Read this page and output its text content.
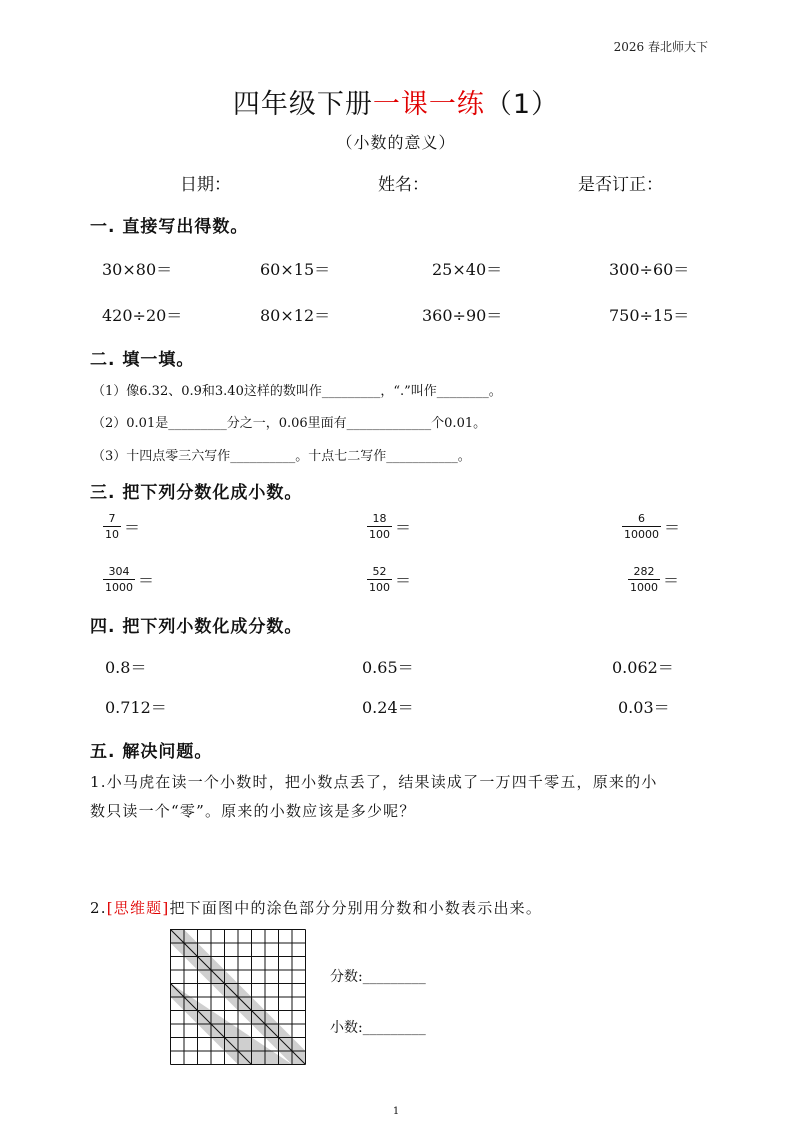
2026 春北师大下
四年级下册一课一练（1）
（小数的意义）
日期：	姓名：	是否订正：
一. 直接写出得数。
30×80＝	60×15＝	25×40＝	300÷60＝
420÷20＝	80×12＝	360÷90＝	750÷15＝
二. 填一填。
（1）像6.32、0.9和3.40这样的数叫作_________，“.”叫作________。
（2）0.01是_________分之一，0.06里面有_____________个0.01。
（3）十四点零三六写作__________。十点七二写作___________。
三. 把下列分数化成小数。
$\frac{7}{10}$ ＝	$\frac{18}{100}$ ＝	$\frac{6}{10000}$ ＝
$\frac{304}{1000}$ ＝	$\frac{52}{100}$ ＝	$\frac{282}{1000}$ ＝
四. 把下列小数化成分数。
0.8＝	0.65＝	0.062＝
0.712＝	0.24＝	0.03＝
五. 解决问题。
1.小马虎在读一个小数时，把小数点丢了，结果读成了一万四千零五，原来的小
数只读一个“零”。原来的小数应该是多少呢？
2.[思维题]把下面图中的涂色部分分别用分数和小数表示出来。
分数:_________
小数:_________
1
